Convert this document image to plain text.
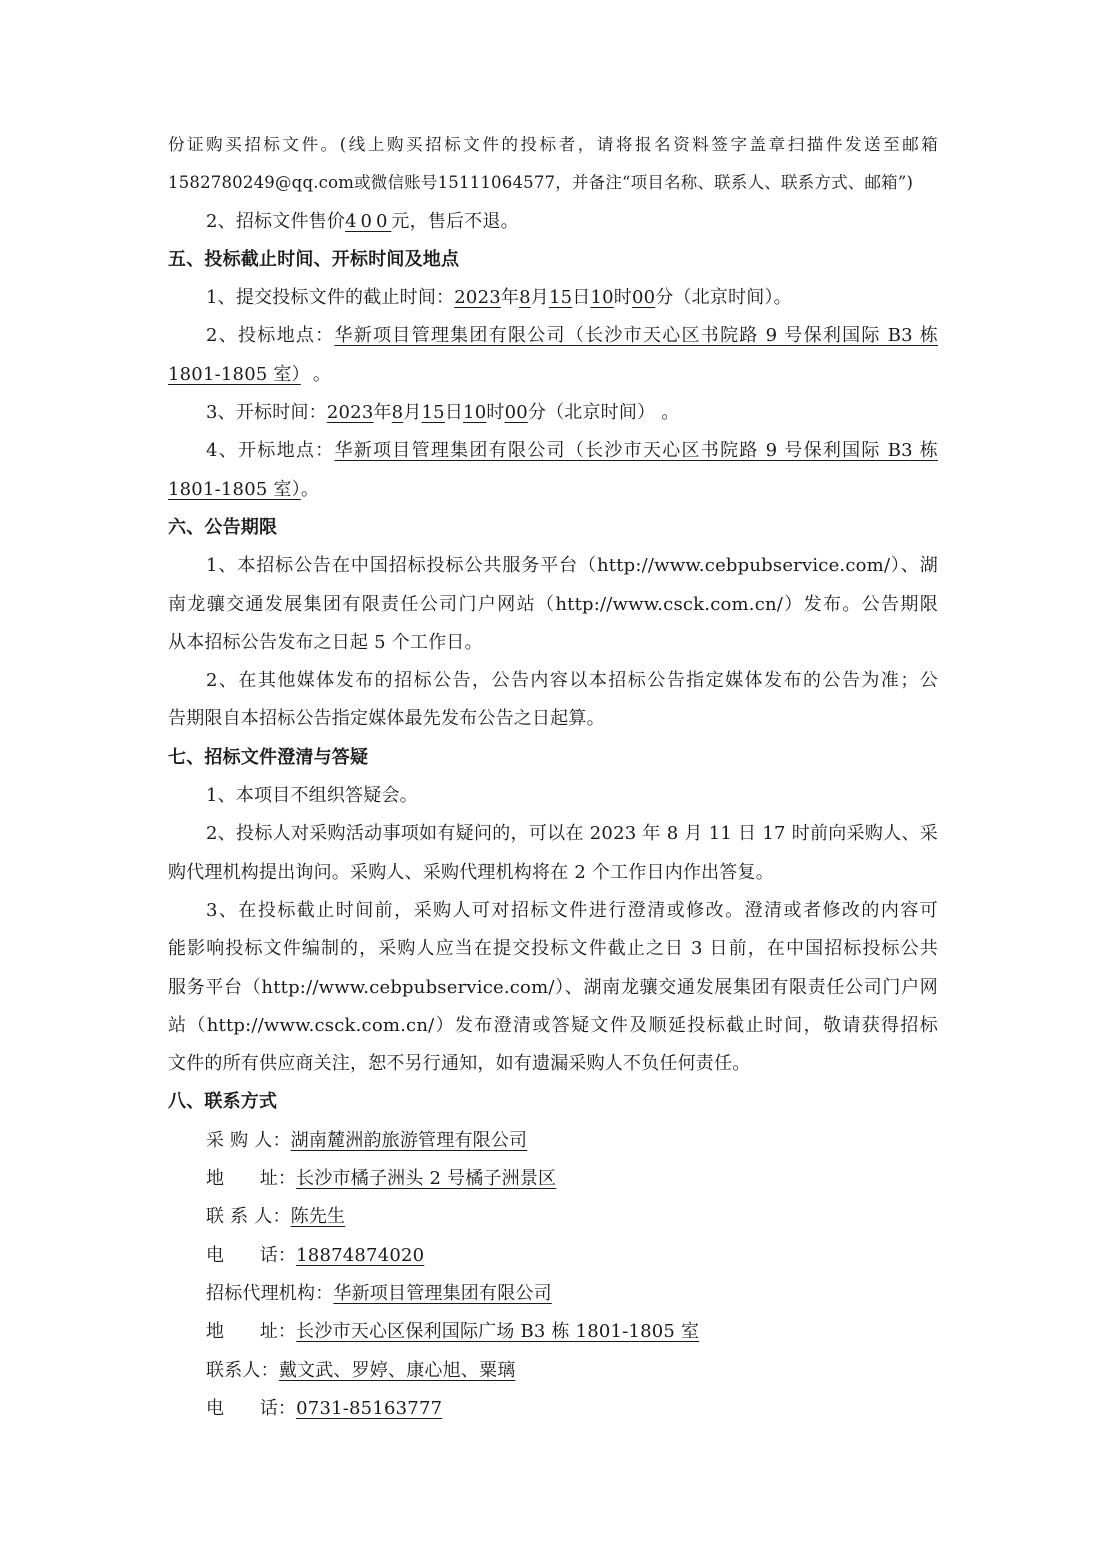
份证购买招标文件。(线上购买招标文件的投标者，请将报名资料签字盖章扫描件发送至邮箱
1582780249@qq.com或微信账号15111064577，并备注“项目名称、联系人、联系方式、邮箱”)
2、招标文件售价400元，售后不退。
五、投标截止时间、开标时间及地点
1、提交投标文件的截止时间：2023年8月15日10时00分（北京时间）。
2、投标地点：华新项目管理集团有限公司（长沙市天心区书院路 9 号保利国际 B3 栋
1801-1805 室） 。
3、开标时间：2023年8月15日10时00分（北京时间） 。
4、开标地点：华新项目管理集团有限公司（长沙市天心区书院路 9 号保利国际 B3 栋
1801-1805 室）。
六、公告期限
1、本招标公告在中国招标投标公共服务平台（http://www.cebpubservice.com/）、湖
南龙骧交通发展集团有限责任公司门户网站（http://www.csck.com.cn/）发布。公告期限
从本招标公告发布之日起 5 个工作日。
2、在其他媒体发布的招标公告，公告内容以本招标公告指定媒体发布的公告为准；公
告期限自本招标公告指定媒体最先发布公告之日起算。
七、招标文件澄清与答疑
1、本项目不组织答疑会。
2、投标人对采购活动事项如有疑问的，可以在 2023 年 8 月 11 日 17 时前向采购人、采
购代理机构提出询问。采购人、采购代理机构将在 2 个工作日内作出答复。
3、在投标截止时间前，采购人可对招标文件进行澄清或修改。澄清或者修改的内容可
能影响投标文件编制的，采购人应当在提交投标文件截止之日 3 日前，在中国招标投标公共
服务平台（http://www.cebpubservice.com/）、湖南龙骧交通发展集团有限责任公司门户网
站（http://www.csck.com.cn/）发布澄清或答疑文件及顺延投标截止时间，敬请获得招标
文件的所有供应商关注，恕不另行通知，如有遗漏采购人不负任何责任。
八、联系方式
采 购 人：湖南麓洲韵旅游管理有限公司
地      址：长沙市橘子洲头 2 号橘子洲景区
联 系 人：陈先生
电      话：18874874020
招标代理机构：华新项目管理集团有限公司
地      址：长沙市天心区保利国际广场 B3 栋 1801-1805 室
联系人：戴文武、罗婷、康心旭、粟璃
电      话：0731-85163777
